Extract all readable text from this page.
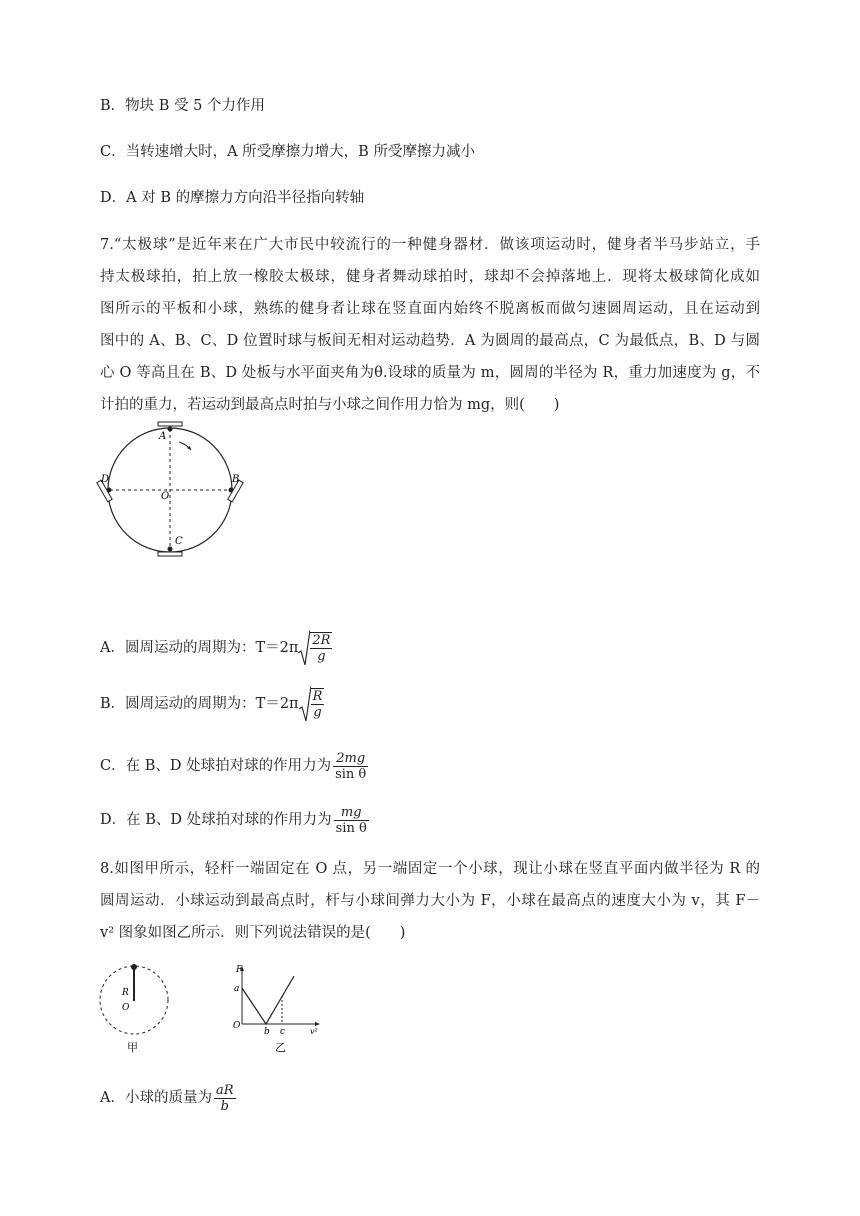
B．物块 B 受 5 个力作用
C．当转速增大时，A 所受摩擦力增大，B 所受摩擦力减小
D．A 对 B 的摩擦力方向沿半径指向转轴
7.“太极球”是近年来在广大市民中较流行的一种健身器材．做该项运动时，健身者半马步站立，手
持太极球拍，拍上放一橡胶太极球，健身者舞动球拍时，球却不会掉落地上．现将太极球简化成如
图所示的平板和小球，熟练的健身者让球在竖直面内始终不脱离板而做匀速圆周运动，且在运动到
图中的 A、B、C、D 位置时球与板间无相对运动趋势．A 为圆周的最高点，C 为最低点，B、D 与圆
心 O 等高且在 B、D 处板与水平面夹角为θ.设球的质量为 m，圆周的半径为 R，重力加速度为 g，不
计拍的重力，若运动到最高点时拍与小球之间作用力恰为 mg，则(　　)
A
B
C
D
O
A．圆周运动的周期为：$T=2\pi \frac{2R}{g}$
B．圆周运动的周期为：$T=2\pi \frac{R}{g}$
C．在 B、D 处球拍对球的作用力为 $\frac{2mg}{\text{sin θ}}$
D．在 B、D 处球拍对球的作用力为 $\frac{mg}{\text{sin θ}}$
8.如图甲所示，轻杆一端固定在 O 点，另一端固定一个小球，现让小球在竖直平面内做半径为 R 的
圆周运动．小球运动到最高点时，杆与小球间弹力大小为 F，小球在最高点的速度大小为 v，其 F－
v² 图象如图乙所示．则下列说法错误的是(　　)
R
O
甲
F
a
O
b c	v²
乙
A．小球的质量为 $\frac{aR}{b}$
